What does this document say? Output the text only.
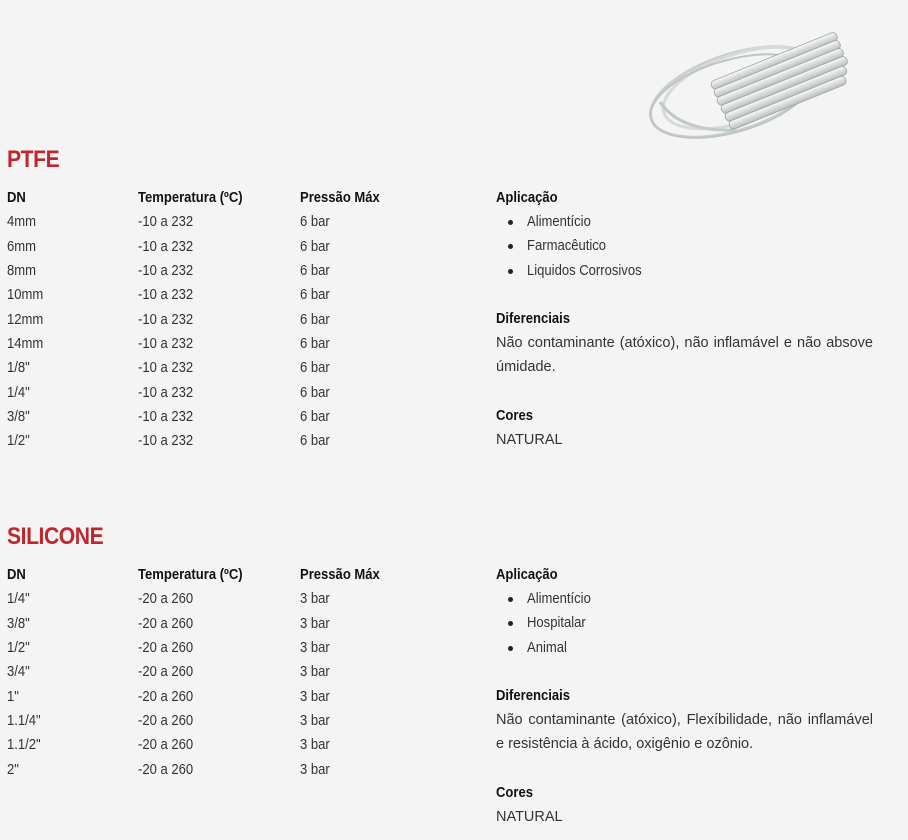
PTFE
DN	Temperatura (ºC)	Pressão Máx
4mm	-10 a 232	6 bar
6mm	-10 a 232	6 bar
8mm	-10 a 232	6 bar
10mm	-10 a 232	6 bar
12mm	-10 a 232	6 bar
14mm	-10 a 232	6 bar
1/8"	-10 a 232	6 bar
1/4"	-10 a 232	6 bar
3/8"	-10 a 232	6 bar
1/2"	-10 a 232	6 bar
Aplicação
Alimentício
Farmacêutico
Liquidos Corrosivos
Diferenciais
Não contaminante (atóxico), não inflamável e não absove úmidade.
Cores
NATURAL
SILICONE
DN	Temperatura (ºC)	Pressão Máx
1/4"	-20 a 260	3 bar
3/8"	-20 a 260	3 bar
1/2"	-20 a 260	3 bar
3/4"	-20 a 260	3 bar
1"	-20 a 260	3 bar
1.1/4"	-20 a 260	3 bar
1.1/2"	-20 a 260	3 bar
2"	-20 a 260	3 bar
Aplicação
Alimentício
Hospitalar
Animal
Diferenciais
Não contaminante (atóxico), Flexíbilidade, não inflamável e resistência à ácido, oxigênio e ozônio.
Cores
NATURAL
